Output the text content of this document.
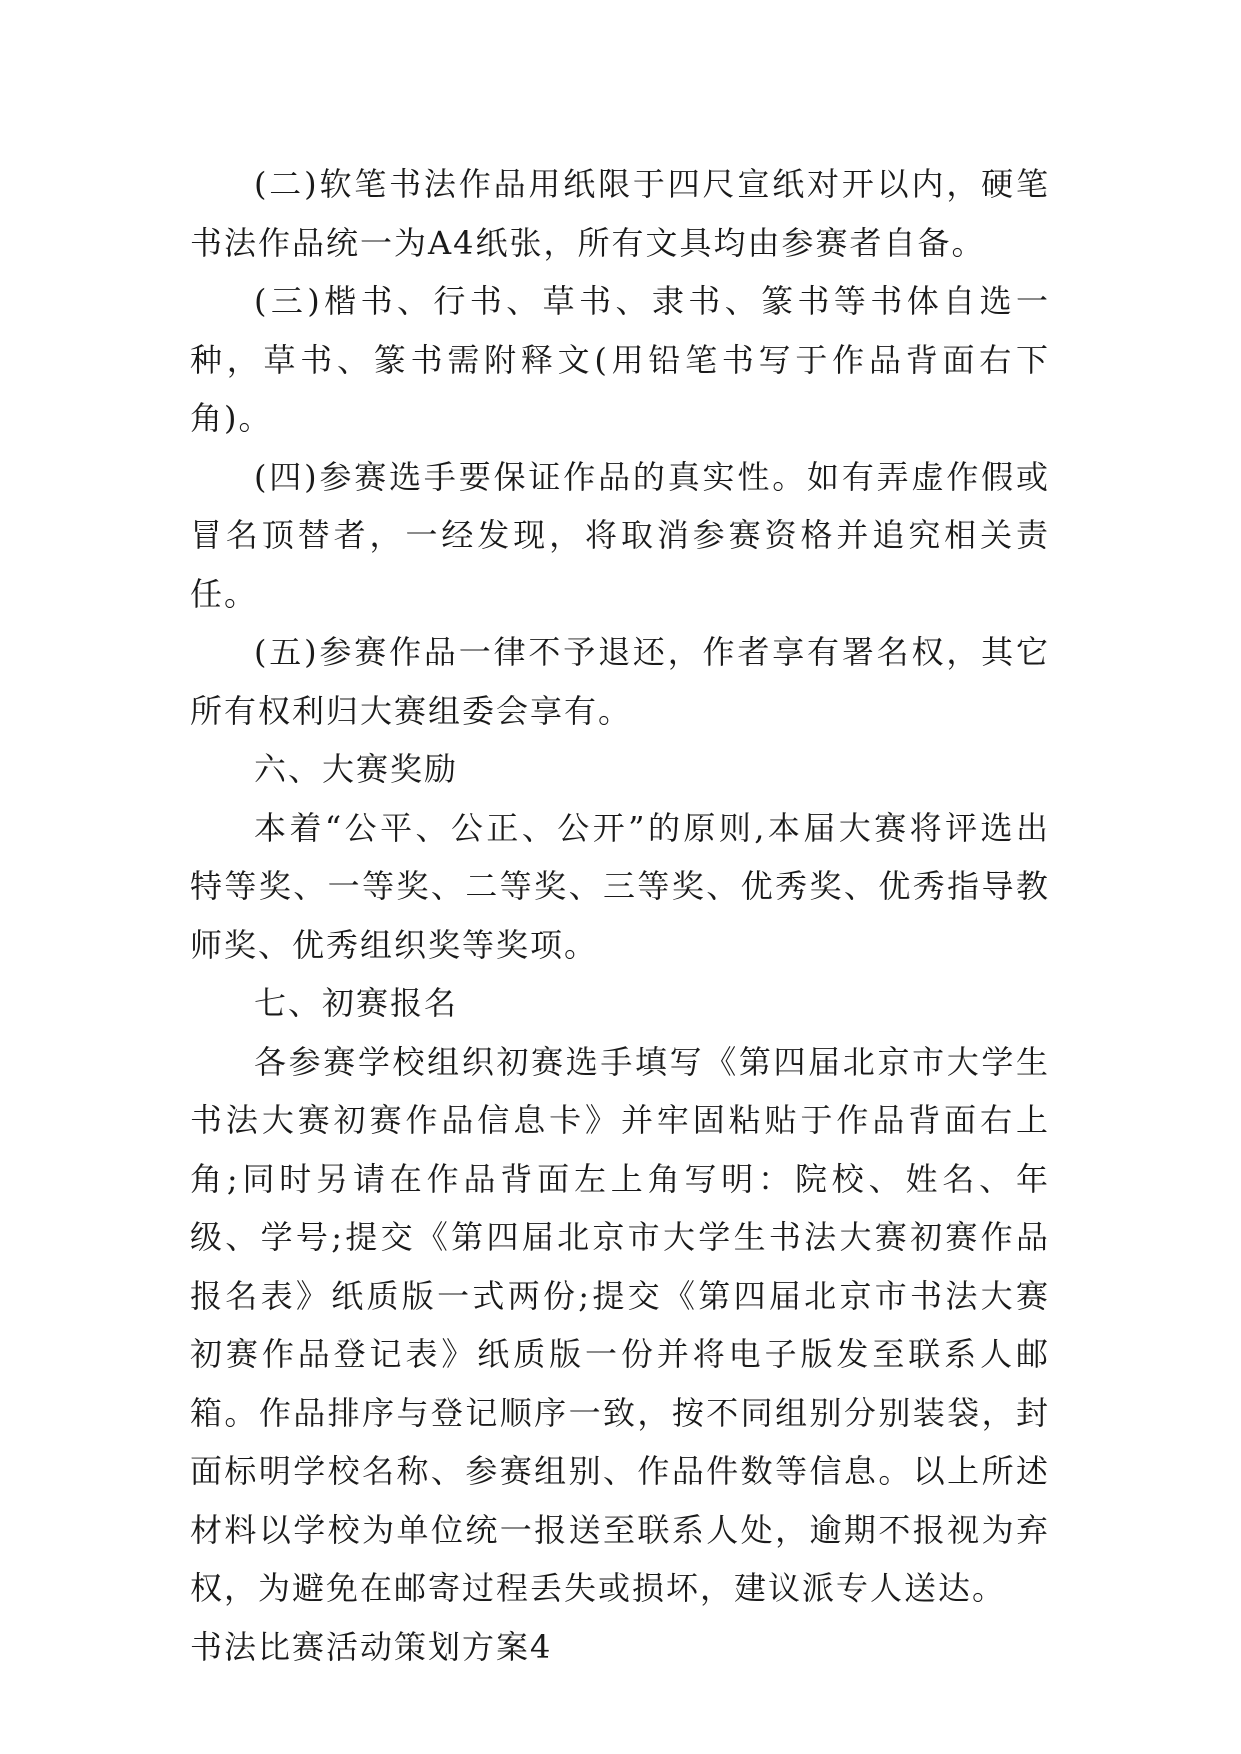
(二)软笔书法作品用纸限于四尺宣纸对开以内，硬笔书法作品统一为A4纸张，所有文具均由参赛者自备。

(三)楷书、行书、草书、隶书、篆书等书体自选一种，草书、篆书需附释文(用铅笔书写于作品背面右下角)。

(四)参赛选手要保证作品的真实性。如有弄虚作假或冒名顶替者，一经发现，将取消参赛资格并追究相关责任。

(五)参赛作品一律不予退还，作者享有署名权，其它所有权利归大赛组委会享有。

六、大赛奖励

本着“公平、公正、公开”的原则,本届大赛将评选出特等奖、一等奖、二等奖、三等奖、优秀奖、优秀指导教师奖、优秀组织奖等奖项。

七、初赛报名

各参赛学校组织初赛选手填写《第四届北京市大学生书法大赛初赛作品信息卡》并牢固粘贴于作品背面右上角;同时另请在作品背面左上角写明：院校、姓名、年级、学号;提交《第四届北京市大学生书法大赛初赛作品报名表》纸质版一式两份;提交《第四届北京市书法大赛初赛作品登记表》纸质版一份并将电子版发至联系人邮箱。作品排序与登记顺序一致，按不同组别分别装袋，封面标明学校名称、参赛组别、作品件数等信息。以上所述材料以学校为单位统一报送至联系人处，逾期不报视为弃权，为避免在邮寄过程丢失或损坏，建议派专人送达。

书法比赛活动策划方案4
